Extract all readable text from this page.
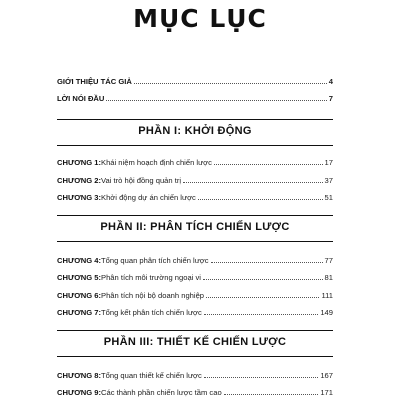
MỤC LỤC
GIỚI THIỆU TÁC GIẢ	4
LỜI NÓI ĐẦU	7
PHẦN I: KHỞI ĐỘNG
CHƯƠNG 1: Khái niệm hoạch định chiến lược	17
CHƯƠNG 2: Vai trò hội đồng quản trị	37
CHƯƠNG 3: Khởi động dự án chiến lược	51
PHẦN II: PHÂN TÍCH CHIẾN LƯỢC
CHƯƠNG 4: Tổng quan phân tích chiến lược	77
CHƯƠNG 5: Phân tích môi trường ngoại vi	81
CHƯƠNG 6: Phân tích nội bộ doanh nghiệp	111
CHƯƠNG 7: Tổng kết phân tích chiến lược	149
PHẦN III: THIẾT KẾ CHIẾN LƯỢC
CHƯƠNG 8: Tổng quan thiết kế chiến lược	167
CHƯƠNG 9: Các thành phần chiến lược tầm cao	171
